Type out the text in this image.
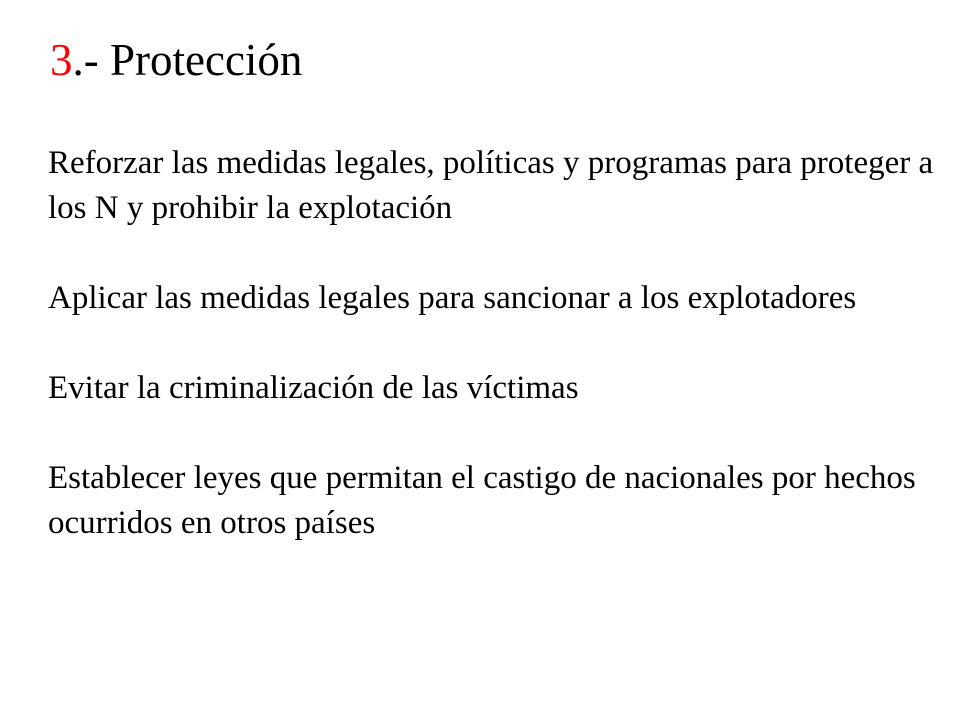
3.- Protección

Reforzar las medidas legales, políticas y programas para proteger a los N y prohibir la explotación

Aplicar las medidas legales para sancionar a los explotadores

Evitar la criminalización de las víctimas

Establecer leyes que permitan el castigo de nacionales por hechos ocurridos en otros países
